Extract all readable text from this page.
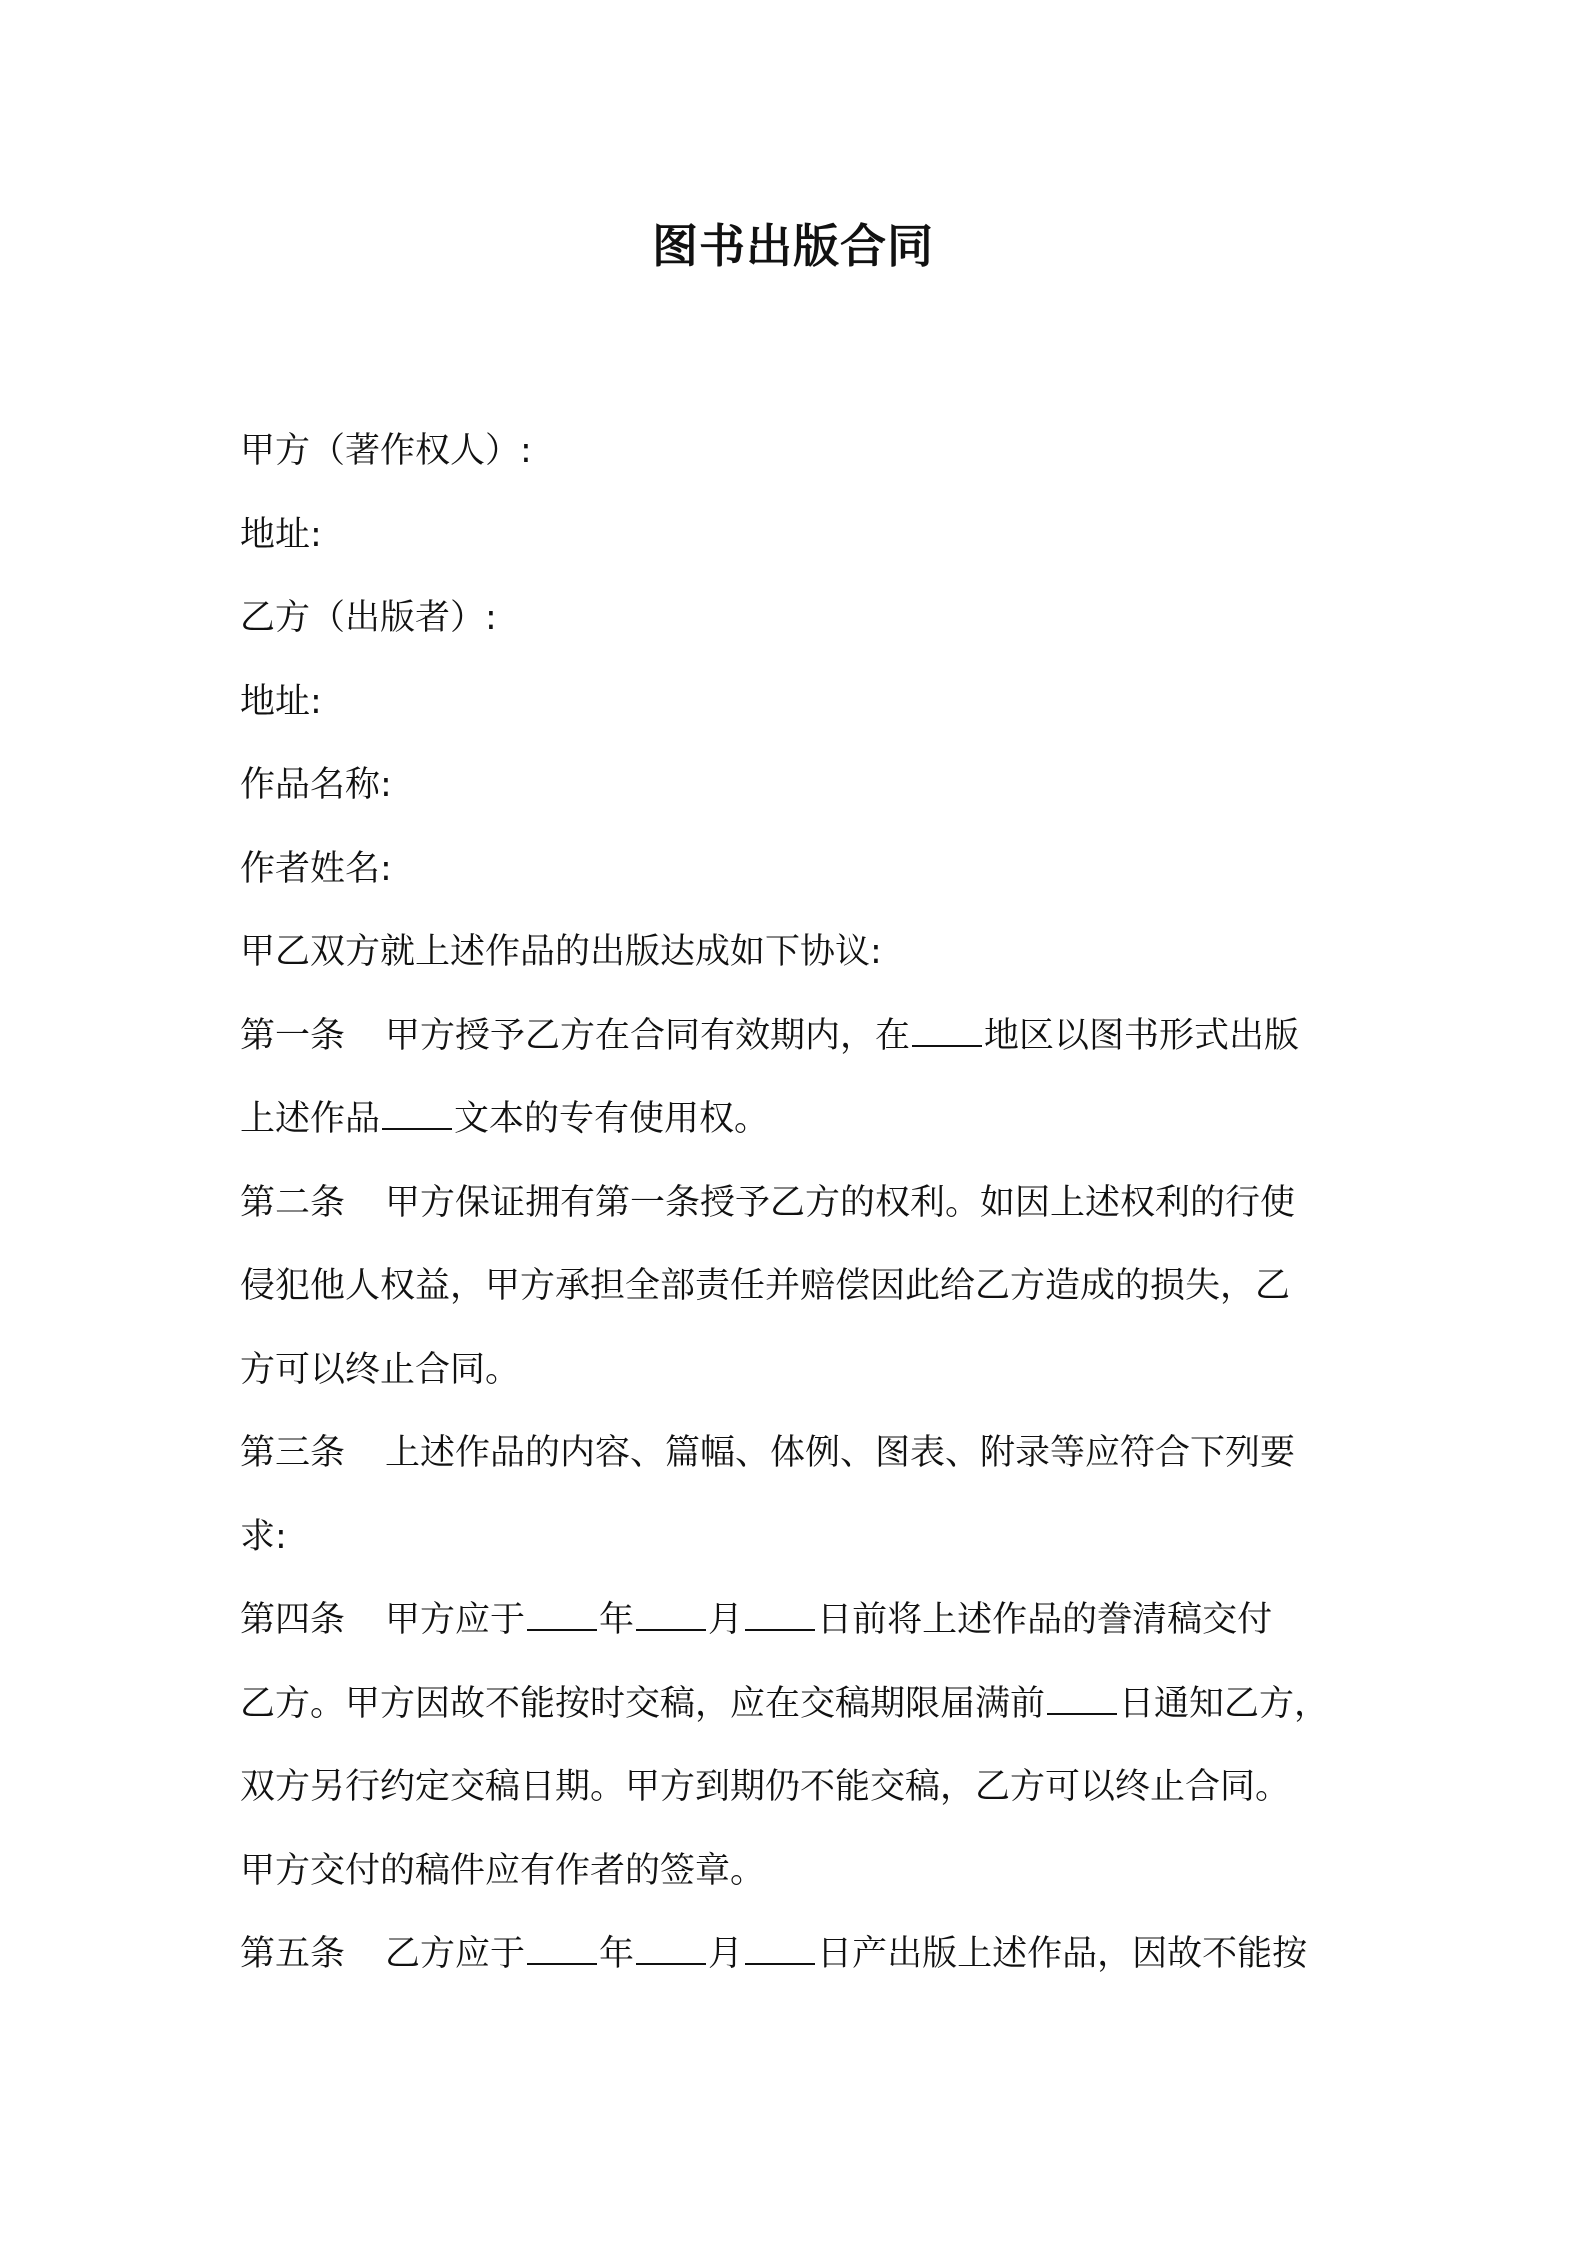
图书出版合同
甲方（著作权人）:
地址:
乙方（出版者）:
地址:
作品名称:
作者姓名:
甲乙双方就上述作品的出版达成如下协议:
第一条 甲方授予乙方在合同有效期内，在 地区以图书形式出版
上述作品 文本的专有使用权。
第二条 甲方保证拥有第一条授予乙方的权利。如因上述权利的行使
侵犯他人权益，甲方承担全部责任并赔偿因此给乙方造成的损失，乙
方可以终止合同。
第三条 上述作品的内容、篇幅、体例、图表、附录等应符合下列要
求:
第四条 甲方应于 年 月 日前将上述作品的誊清稿交付
乙方。甲方因故不能按时交稿，应在交稿期限届满前 日通知乙方，
双方另行约定交稿日期。甲方到期仍不能交稿，乙方可以终止合同。
甲方交付的稿件应有作者的签章。
第五条 乙方应于 年 月 日产出版上述作品，因故不能按
